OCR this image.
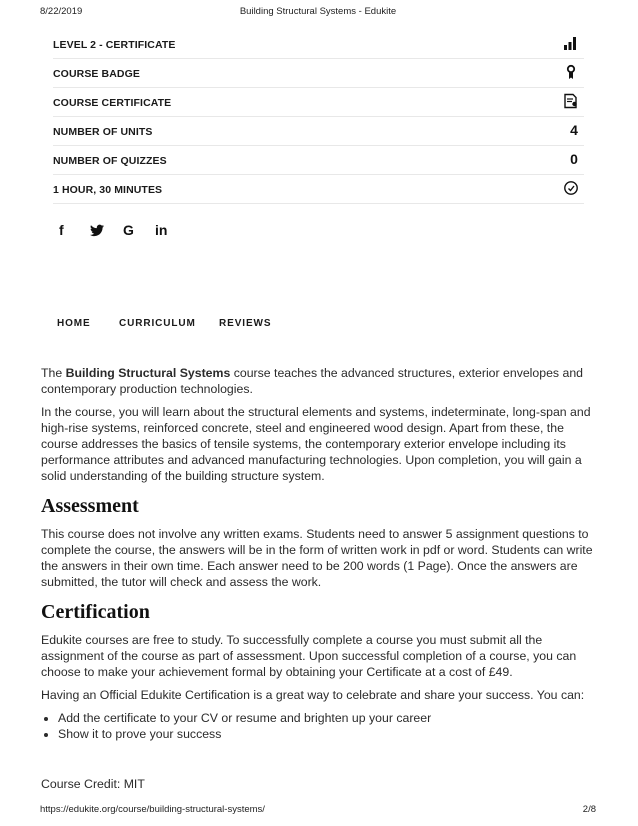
8/22/2019	Building Structural Systems - Edukite
LEVEL 2 - CERTIFICATE
COURSE BADGE
COURSE CERTIFICATE
NUMBER OF UNITS	4
NUMBER OF QUIZZES	0
1 HOUR, 30 MINUTES
f	G in
HOME	CURRICULUM REVIEWS

The Building Structural Systems course teaches the advanced structures, exterior envelopes and contemporary production technologies.

In the course, you will learn about the structural elements and systems, indeterminate, long-span and high-rise systems, reinforced concrete, steel and engineered wood design. Apart from these, the course addresses the basics of tensile systems, the contemporary exterior envelope including its performance attributes and advanced manufacturing technologies. Upon completion, you will gain a solid understanding of the building structure system.

Assessment

This course does not involve any written exams. Students need to answer 5 assignment questions to complete the course, the answers will be in the form of written work in pdf or word. Students can write the answers in their own time. Each answer need to be 200 words (1 Page). Once the answers are submitted, the tutor will check and assess the work.

Certification

Edukite courses are free to study. To successfully complete a course you must submit all the assignment of the course as part of assessment. Upon successful completion of a course, you can choose to make your achievement formal by obtaining your Certificate at a cost of £49.

Having an Official Edukite Certification is a great way to celebrate and share your success. You can:

• Add the certificate to your CV or resume and brighten up your career
• Show it to prove your success
Course Credit: MIT
https://edukite.org/course/building-structural-systems/	2/8
